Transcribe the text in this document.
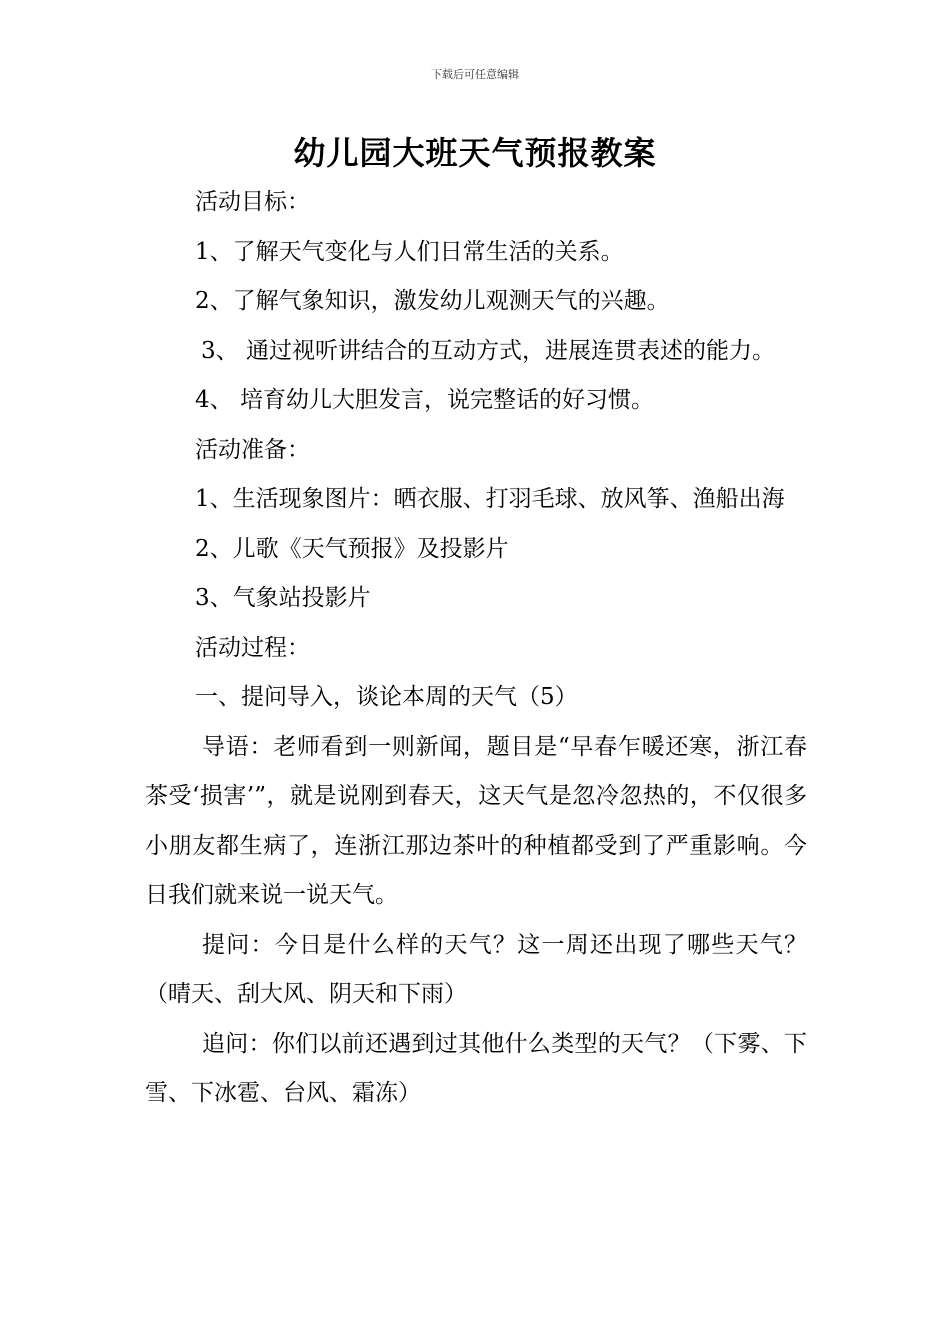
下载后可任意编辑
幼儿园大班天气预报教案

活动目标：

1、了解天气变化与人们日常生活的关系。

2、了解气象知识，激发幼儿观测天气的兴趣。

3、 通过视听讲结合的互动方式，进展连贯表述的能力。

4、 培育幼儿大胆发言，说完整话的好习惯。

活动准备：

1、生活现象图片：晒衣服、打羽毛球、放风筝、渔船出海

2、儿歌《天气预报》及投影片

3、气象站投影片

活动过程：

一、提问导入，谈论本周的天气（5）

导语：老师看到一则新闻，题目是“早春乍暖还寒，浙江春茶受‘损害’”，就是说刚到春天，这天气是忽冷忽热的，不仅很多小朋友都生病了，连浙江那边茶叶的种植都受到了严重影响。今日我们就来说一说天气。

提问：今日是什么样的天气？这一周还出现了哪些天气？（晴天、刮大风、阴天和下雨）

追问：你们以前还遇到过其他什么类型的天气？（下雾、下雪、下冰雹、台风、霜冻）
